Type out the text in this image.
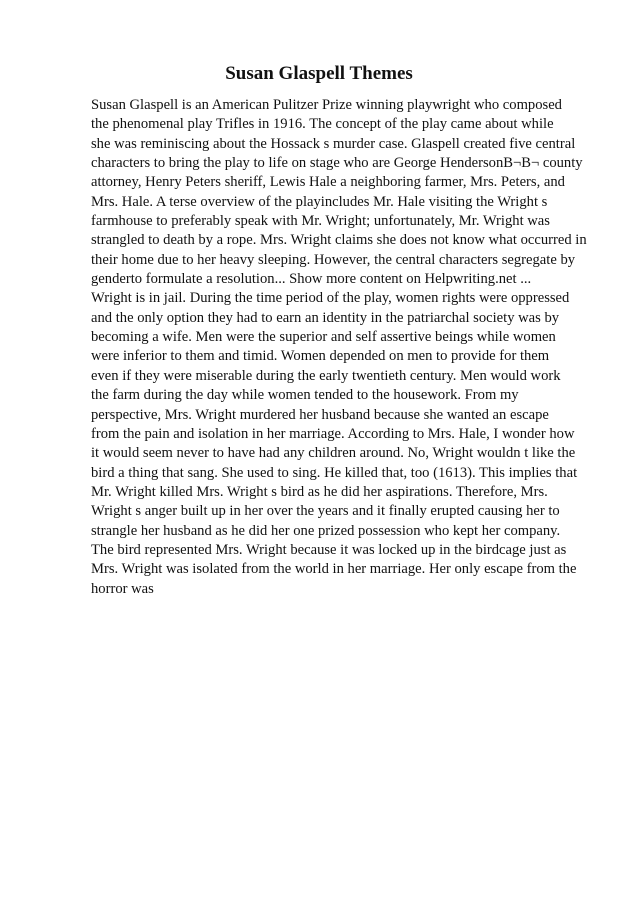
Susan Glaspell Themes
Susan Glaspell is an American Pulitzer Prize winning playwright who composed
the phenomenal play Trifles in 1916. The concept of the play came about while
she was reminiscing about the Hossack s murder case. Glaspell created five central
characters to bring the play to life on stage who are George HendersonB¬B¬ county
attorney, Henry Peters sheriff, Lewis Hale a neighboring farmer, Mrs. Peters, and
Mrs. Hale. A terse overview of the playincludes Mr. Hale visiting the Wright s
farmhouse to preferably speak with Mr. Wright; unfortunately, Mr. Wright was
strangled to death by a rope. Mrs. Wright claims she does not know what occurred in
their home due to her heavy sleeping. However, the central characters segregate by
genderto formulate a resolution... Show more content on Helpwriting.net ...
Wright is in jail. During the time period of the play, women rights were oppressed
and the only option they had to earn an identity in the patriarchal society was by
becoming a wife. Men were the superior and self assertive beings while women
were inferior to them and timid. Women depended on men to provide for them
even if they were miserable during the early twentieth century. Men would work
the farm during the day while women tended to the housework. From my
perspective, Mrs. Wright murdered her husband because she wanted an escape
from the pain and isolation in her marriage. According to Mrs. Hale, I wonder how
it would seem never to have had any children around. No, Wright wouldn t like the
bird a thing that sang. She used to sing. He killed that, too (1613). This implies that
Mr. Wright killed Mrs. Wright s bird as he did her aspirations. Therefore, Mrs.
Wright s anger built up in her over the years and it finally erupted causing her to
strangle her husband as he did her one prized possession who kept her company.
The bird represented Mrs. Wright because it was locked up in the birdcage just as
Mrs. Wright was isolated from the world in her marriage. Her only escape from the
horror was
